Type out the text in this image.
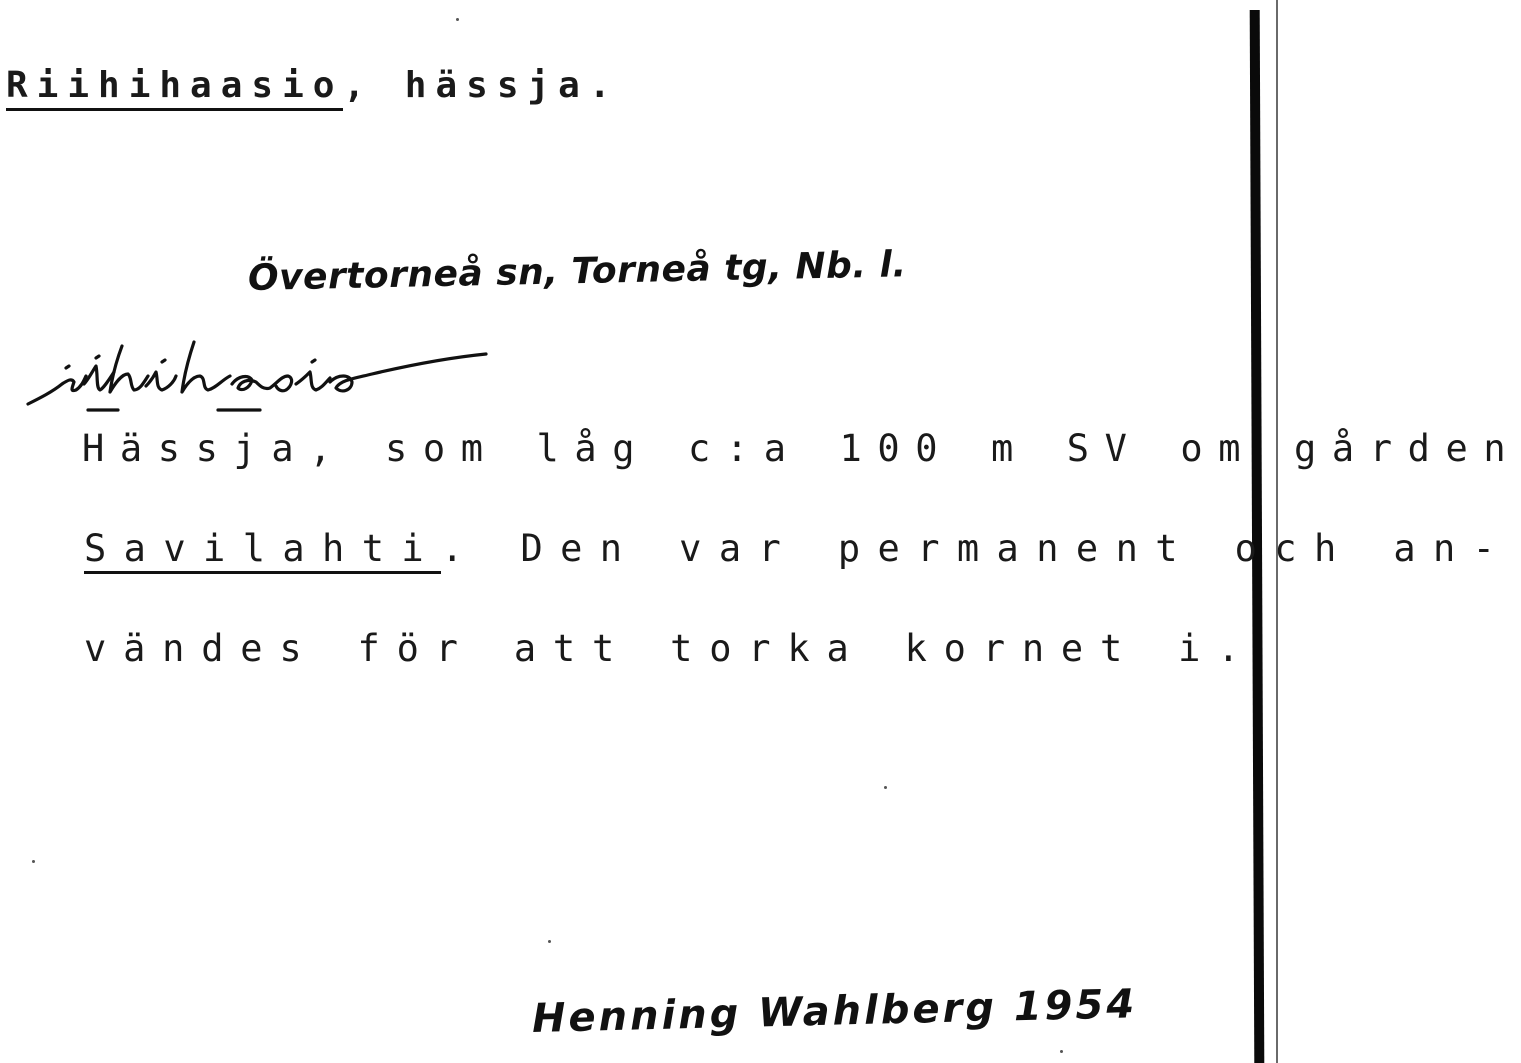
Riihihaasio, hässja.
Övertorneå sn, Torneå tg, Nb. l.
Hässja, som låg c:a 100 m SV om gården
Savilahti. Den var permanent och an-
vändes för att torka kornet i.
Henning Wahlberg 1954
